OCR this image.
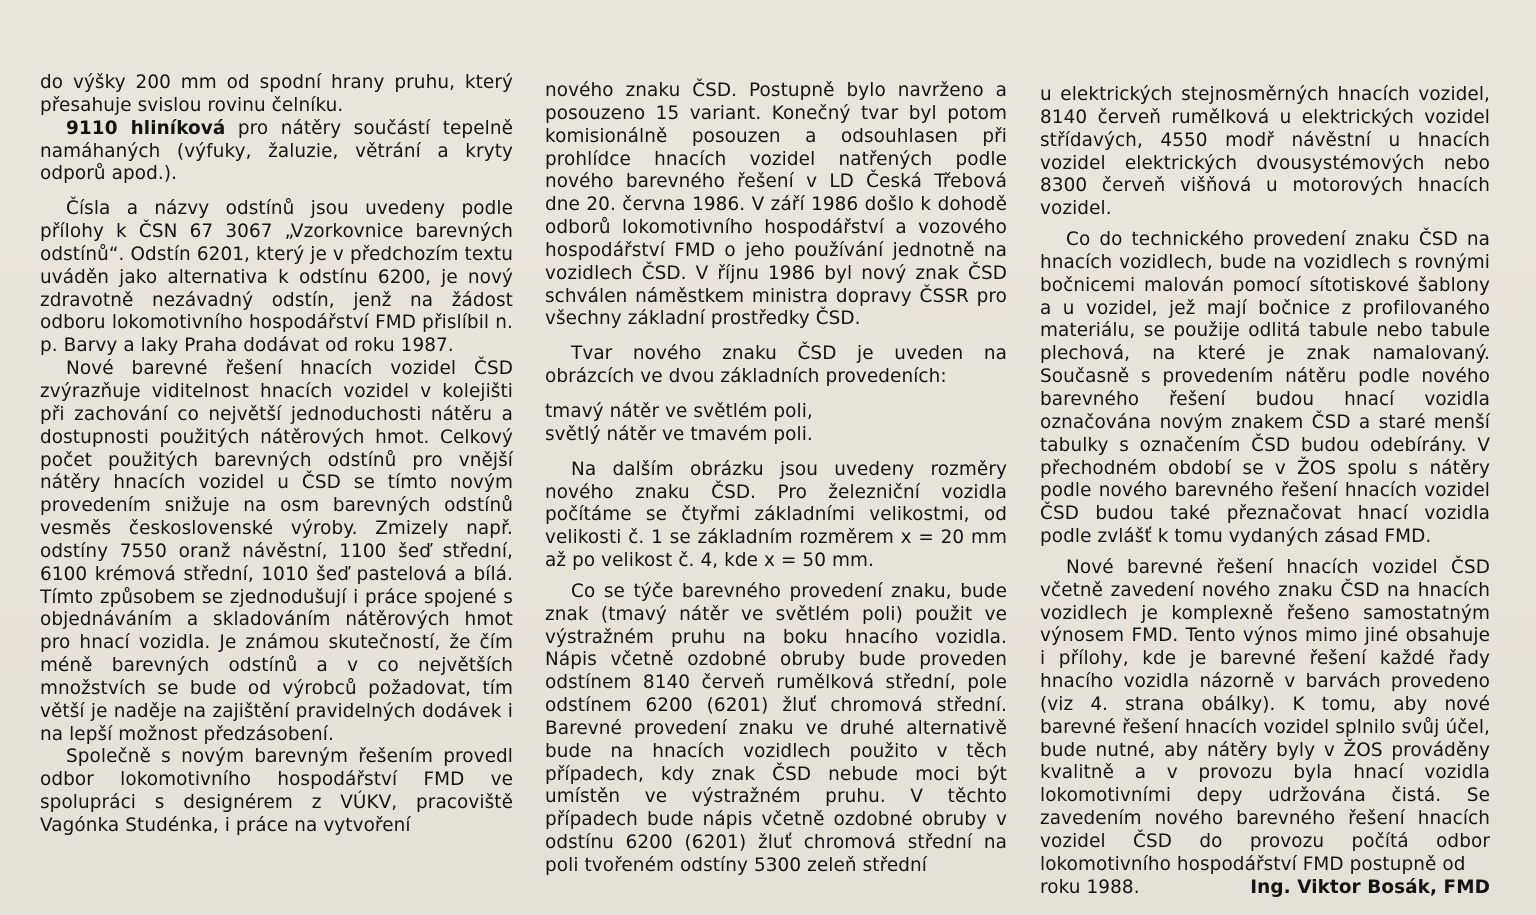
do výšky 200 mm od spodní hrany pruhu, který přesahuje svislou rovinu čelníku.

9110 hliníková pro nátěry součástí tepelně namáhaných (výfuky, žaluzie, větrání a kryty odporů apod.).

Čísla a názvy odstínů jsou uvedeny podle přílohy k ČSN 67 3067 „Vzorkovnice barevných odstínů“. Odstín 6201, který je v předchozím textu uváděn jako alternativa k odstínu 6200, je nový zdravotně nezávadný odstín, jenž na žádost odboru lokomotivního hospodářství FMD přislíbil n. p. Barvy a laky Praha dodávat od roku 1987.

Nové barevné řešení hnacích vozidel ČSD zvýrazňuje viditelnost hnacích vozidel v kolejišti při zachování co největší jednoduchosti nátěru a dostupnosti použitých nátěrových hmot. Celkový počet použitých barevných odstínů pro vnější nátěry hnacích vozidel u ČSD se tímto novým provedením snižuje na osm barevných odstínů vesměs československé výroby. Zmizely např. odstíny 7550 oranž návěstní, 1100 šeď střední, 6100 krémová střední, 1010 šeď pastelová a bílá. Tímto způsobem se zjednodušují i práce spojené s objednáváním a skladováním nátěrových hmot pro hnací vozidla. Je známou skutečností, že čím méně barevných odstínů a v co největších množstvích se bude od výrobců požadovat, tím větší je naděje na zajištění pravidelných dodávek i na lepší možnost předzásobení.

Společně s novým barevným řešením provedl odbor lokomotivního hospodářství FMD ve spolupráci s designérem z VÚKV, pracoviště Vagónka Studénka, i práce na vytvoření

nového znaku ČSD. Postupně bylo navrženo a posouzeno 15 variant. Konečný tvar byl potom komisionálně posouzen a odsouhlasen při prohlídce hnacích vozidel natřených podle nového barevného řešení v LD Česká Třebová dne 20. června 1986. V září 1986 došlo k dohodě odborů lokomotivního hospodářství a vozového hospodářství FMD o jeho používání jednotně na vozidlech ČSD. V říjnu 1986 byl nový znak ČSD schválen náměstkem ministra dopravy ČSSR pro všechny základní prostředky ČSD.

Tvar nového znaku ČSD je uveden na obrázcích ve dvou základních provedeních:

tmavý nátěr ve světlém poli,

světlý nátěr ve tmavém poli.

Na dalším obrázku jsou uvedeny rozměry nového znaku ČSD. Pro železniční vozidla počítáme se čtyřmi základními velikostmi, od velikosti č. 1 se základním rozměrem x = 20 mm až po velikost č. 4, kde x = 50 mm.

Co se týče barevného provedení znaku, bude znak (tmavý nátěr ve světlém poli) použit ve výstražném pruhu na boku hnacího vozidla. Nápis včetně ozdobné obruby bude proveden odstínem 8140 červeň rumělková střední, pole odstínem 6200 (6201) žluť chromová střední. Barevné provedení znaku ve druhé alternativě bude na hnacích vozidlech použito v těch případech, kdy znak ČSD nebude moci být umístěn ve výstražném pruhu. V těchto případech bude nápis včetně ozdobné obruby v odstínu 6200 (6201) žluť chromová střední na poli tvořeném odstíny 5300 zeleň střední

u elektrických stejnosměrných hnacích vozidel, 8140 červeň rumělková u elektrických vozidel střídavých, 4550 modř návěstní u hnacích vozidel elektrických dvousystémových nebo 8300 červeň višňová u motorových hnacích vozidel.

Co do technického provedení znaku ČSD na hnacích vozidlech, bude na vozidlech s rovnými bočnicemi malován pomocí sítotiskové šablony a u vozidel, jež mají bočnice z profilovaného materiálu, se použije odlitá tabule nebo tabule plechová, na které je znak namalovaný. Současně s provedením nátěru podle nového barevného řešení budou hnací vozidla označována novým znakem ČSD a staré menší tabulky s označením ČSD budou odebírány. V přechodném období se v ŽOS spolu s nátěry podle nového barevného řešení hnacích vozidel ČSD budou také přeznačovat hnací vozidla podle zvlášť k tomu vydaných zásad FMD.

Nové barevné řešení hnacích vozidel ČSD včetně zavedení nového znaku ČSD na hnacích vozidlech je komplexně řešeno samostatným výnosem FMD. Tento výnos mimo jiné obsahuje i přílohy, kde je barevné řešení každé řady hnacího vozidla názorně v barvách provedeno (viz 4. strana obálky). K tomu, aby nové barevné řešení hnacích vozidel splnilo svůj účel, bude nutné, aby nátěry byly v ŽOS prováděny kvalitně a v provozu byla hnací vozidla lokomotivními depy udržována čistá. Se zavedením nového barevného řešení hnacích vozidel ČSD do provozu počítá odbor lokomotivního hospodářství FMD postupně od

roku 1988.	Ing. Viktor Bosák, FMD
